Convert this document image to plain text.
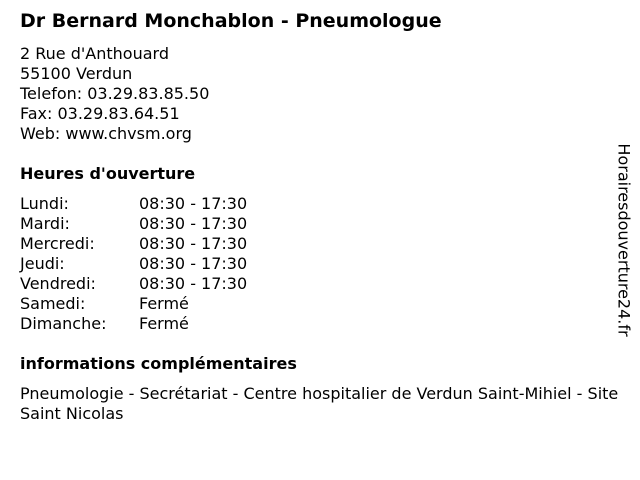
Dr Bernard Monchablon - Pneumologue
2 Rue d'Anthouard
55100 Verdun
Telefon: 03.29.83.85.50
Fax: 03.29.83.64.51
Web: www.chvsm.org
Heures d'ouverture
Lundi:	08:30 - 17:30
Mardi:	08:30 - 17:30
Mercredi:	08:30 - 17:30
Jeudi:	08:30 - 17:30
Vendredi:	08:30 - 17:30
Samedi:	Fermé
Dimanche:	Fermé
informations complémentaires
Pneumologie - Secrétariat - Centre hospitalier de Verdun Saint-Mihiel - Site Saint Nicolas
Horairesdouverture24.fr
